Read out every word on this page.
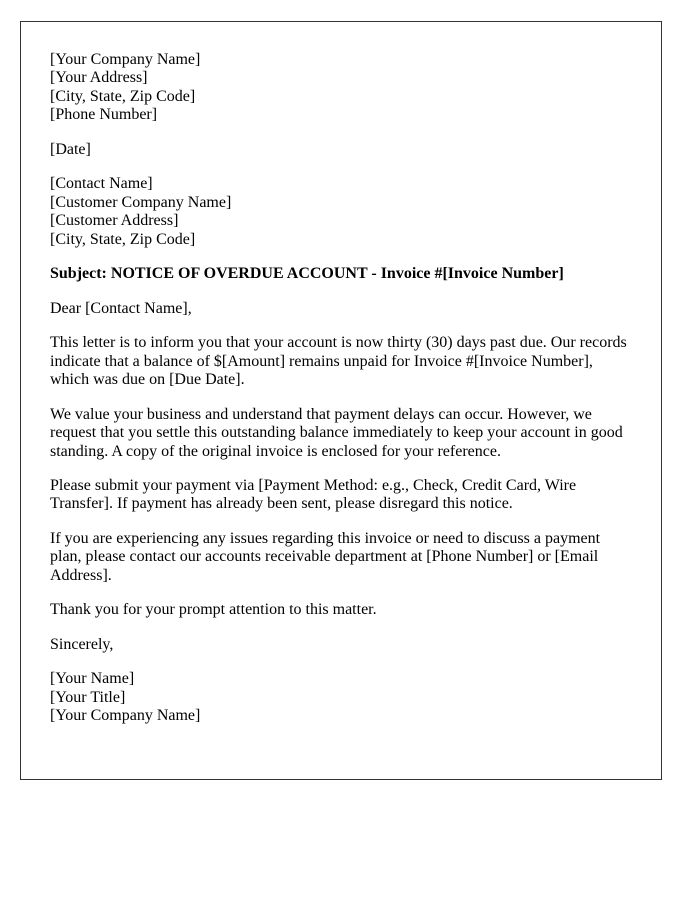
[Your Company Name]
[Your Address]
[City, State, Zip Code]
[Phone Number]

[Date]

[Contact Name]
[Customer Company Name]
[Customer Address]
[City, State, Zip Code]

Subject: NOTICE OF OVERDUE ACCOUNT - Invoice #[Invoice Number]

Dear [Contact Name],

This letter is to inform you that your account is now thirty (30) days past due. Our records indicate that a balance of $[Amount] remains unpaid for Invoice #[Invoice Number], which was due on [Due Date].

We value your business and understand that payment delays can occur. However, we request that you settle this outstanding balance immediately to keep your account in good standing. A copy of the original invoice is enclosed for your reference.

Please submit your payment via [Payment Method: e.g., Check, Credit Card, Wire Transfer]. If payment has already been sent, please disregard this notice.

If you are experiencing any issues regarding this invoice or need to discuss a payment plan, please contact our accounts receivable department at [Phone Number] or [Email Address].

Thank you for your prompt attention to this matter.

Sincerely,

[Your Name]
[Your Title]
[Your Company Name]
